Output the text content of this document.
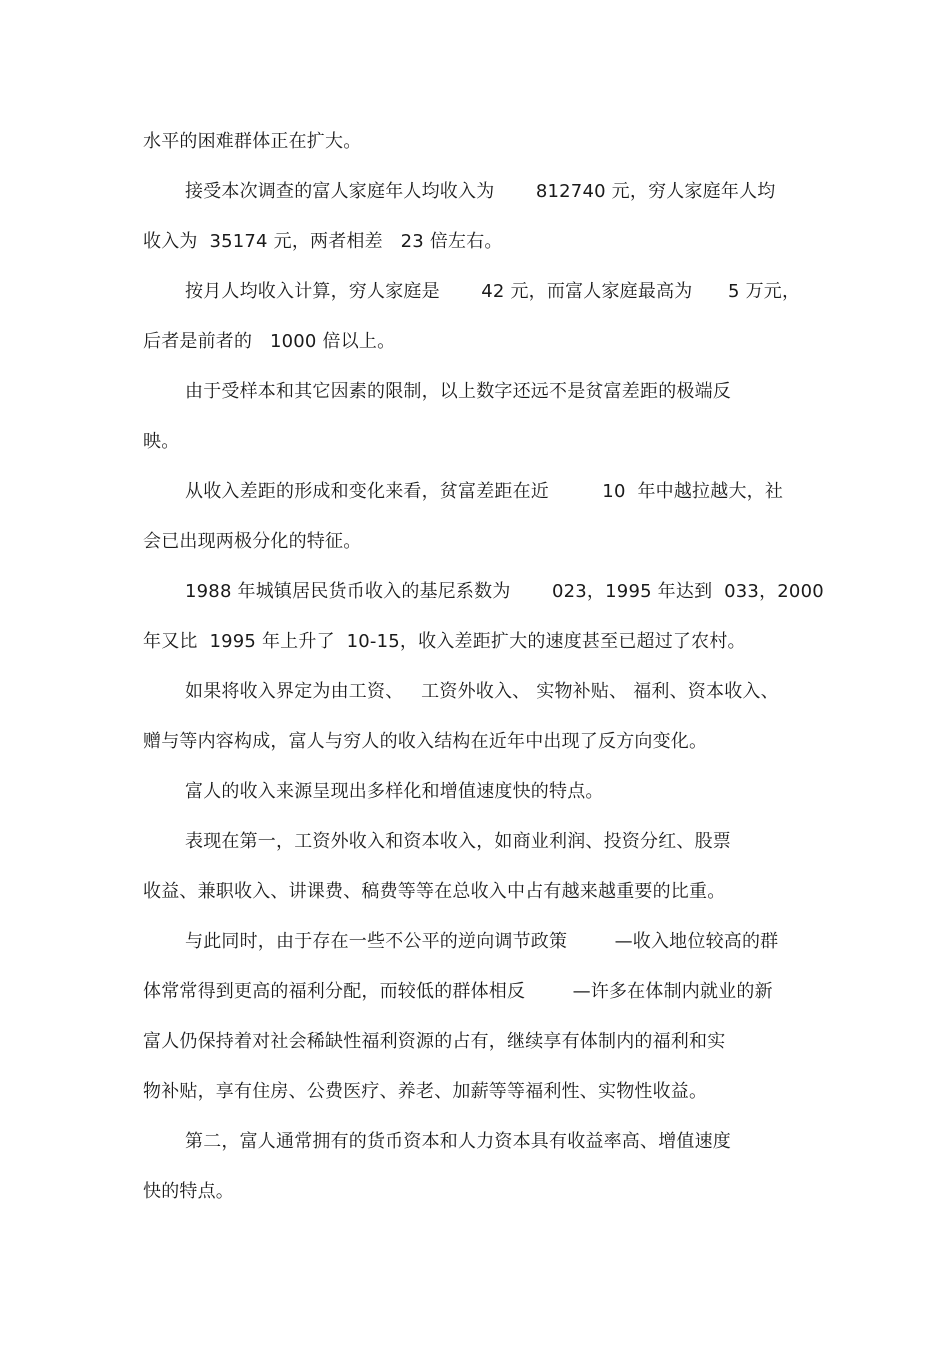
水平的困难群体正在扩大。
接受本次调查的富人家庭年人均收入为       812740 元，穷人家庭年人均
收入为  35174 元，两者相差   23 倍左右。
按月人均收入计算，穷人家庭是       42 元，而富人家庭最高为      5 万元，
后者是前者的   1000 倍以上。
由于受样本和其它因素的限制，以上数字还远不是贫富差距的极端反
映。
从收入差距的形成和变化来看，贫富差距在近         10  年中越拉越大，社
会已出现两极分化的特征。
1988 年城镇居民货币收入的基尼系数为       023，1995 年达到  033，2000
年又比  1995 年上升了  10-15，收入差距扩大的速度甚至已超过了农村。
如果将收入界定为由工资、   工资外收入、 实物补贴、 福利、资本收入、
赠与等内容构成，富人与穷人的收入结构在近年中出现了反方向变化。
富人的收入来源呈现出多样化和增值速度快的特点。
表现在第一，工资外收入和资本收入，如商业利润、投资分红、股票
收益、兼职收入、讲课费、稿费等等在总收入中占有越来越重要的比重。
与此同时，由于存在一些不公平的逆向调节政策        —收入地位较高的群
体常常得到更高的福利分配，而较低的群体相反        —许多在体制内就业的新
富人仍保持着对社会稀缺性福利资源的占有，继续享有体制内的福利和实
物补贴，享有住房、公费医疗、养老、加薪等等福利性、实物性收益。
第二，富人通常拥有的货币资本和人力资本具有收益率高、增值速度
快的特点。
